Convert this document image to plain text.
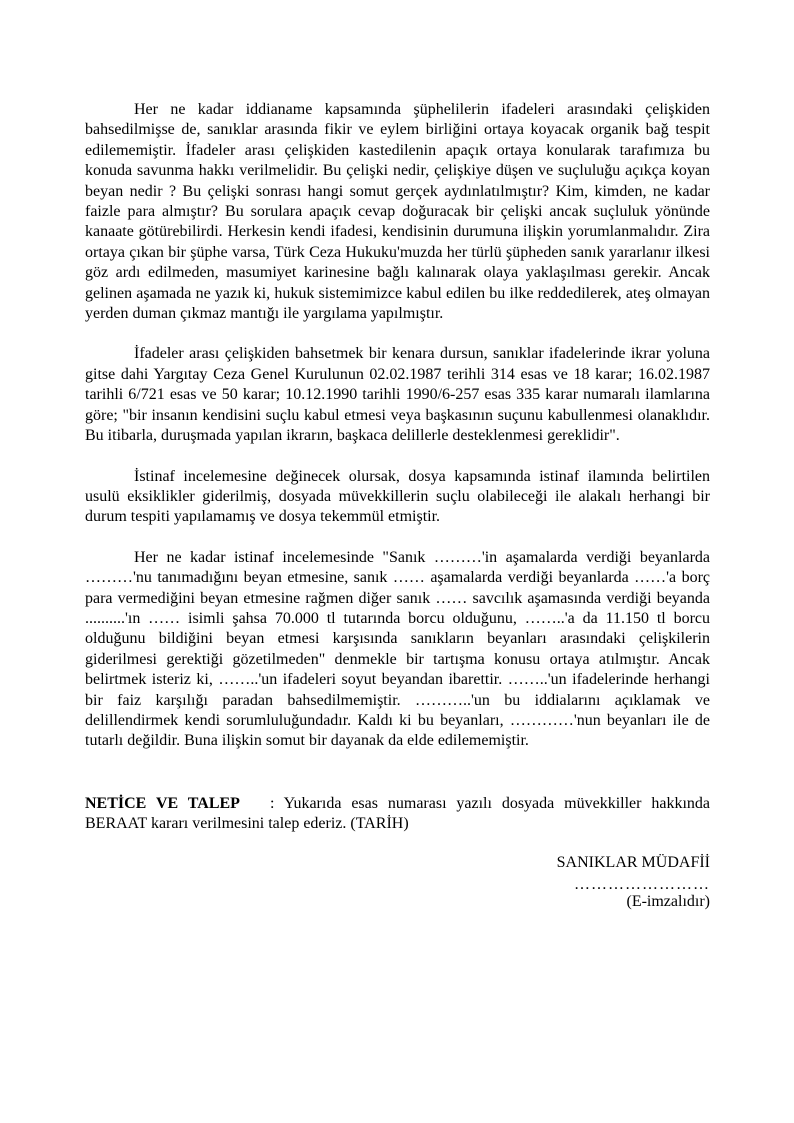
Her ne kadar iddianame kapsamında şüphelilerin ifadeleri arasındaki çelişkiden bahsedilmişse de, sanıklar arasında fikir ve eylem birliğini ortaya koyacak organik bağ tespit edilememiştir. İfadeler arası çelişkiden kastedilenin apaçık ortaya konularak tarafımıza bu konuda savunma hakkı verilmelidir. Bu çelişki nedir, çelişkiye düşen ve suçluluğu açıkça koyan beyan nedir ? Bu çelişki sonrası hangi somut gerçek aydınlatılmıştır? Kim, kimden, ne kadar faizle para almıştır? Bu sorulara apaçık cevap doğuracak bir çelişki ancak suçluluk yönünde kanaate götürebilirdi. Herkesin kendi ifadesi, kendisinin durumuna ilişkin yorumlanmalıdır. Zira ortaya çıkan bir şüphe varsa, Türk Ceza Hukuku'muzda her türlü şüpheden sanık yararlanır ilkesi göz ardı edilmeden, masumiyet karinesine bağlı kalınarak olaya yaklaşılması gerekir. Ancak gelinen aşamada ne yazık ki, hukuk sistemimizce kabul edilen bu ilke reddedilerek, ateş olmayan yerden duman çıkmaz mantığı ile yargılama yapılmıştır.

İfadeler arası çelişkiden bahsetmek bir kenara dursun, sanıklar ifadelerinde ikrar yoluna gitse dahi Yargıtay Ceza Genel Kurulunun 02.02.1987 terihli 314 esas ve 18 karar; 16.02.1987 tarihli 6/721 esas ve 50 karar; 10.12.1990 tarihli 1990/6-257 esas 335 karar numaralı ilamlarına göre; "bir insanın kendisini suçlu kabul etmesi veya başkasının suçunu kabullenmesi olanaklıdır. Bu itibarla, duruşmada yapılan ikrarın, başkaca delillerle desteklenmesi gereklidir".

İstinaf incelemesine değinecek olursak, dosya kapsamında istinaf ilamında belirtilen usulü eksiklikler giderilmiş, dosyada müvekkillerin suçlu olabileceği ile alakalı herhangi bir durum tespiti yapılamamış ve dosya tekemmül etmiştir.

Her ne kadar istinaf incelemesinde "Sanık ………'in aşamalarda verdiği beyanlarda ………'nu tanımadığını beyan etmesine, sanık …… aşamalarda verdiği beyanlarda ……'a borç para vermediğini beyan etmesine rağmen diğer sanık …… savcılık aşamasında verdiği beyanda ..........'ın …… isimli şahsa 70.000 tl tutarında borcu olduğunu, ……..'a da 11.150 tl borcu olduğunu bildiğini beyan etmesi karşısında sanıkların beyanları arasındaki çelişkilerin giderilmesi gerektiği gözetilmeden" denmekle bir tartışma konusu ortaya atılmıştır. Ancak belirtmek isteriz ki, ……..'un ifadeleri soyut beyandan ibarettir. ……..'un ifadelerinde herhangi bir faiz karşılığı paradan bahsedilmemiştir. ………..'un bu iddialarını açıklamak ve delillendirmek kendi sorumluluğundadır. Kaldı ki bu beyanları, …………'nun beyanları ile de tutarlı değildir. Buna ilişkin somut bir dayanak da elde edilememiştir.

NETİCE VE TALEP : Yukarıda esas numarası yazılı dosyada müvekkiller hakkında BERAAT kararı verilmesini talep ederiz. (TARİH)

SANIKLAR MÜDAFİİ
……………………
(E-imzalıdır)
